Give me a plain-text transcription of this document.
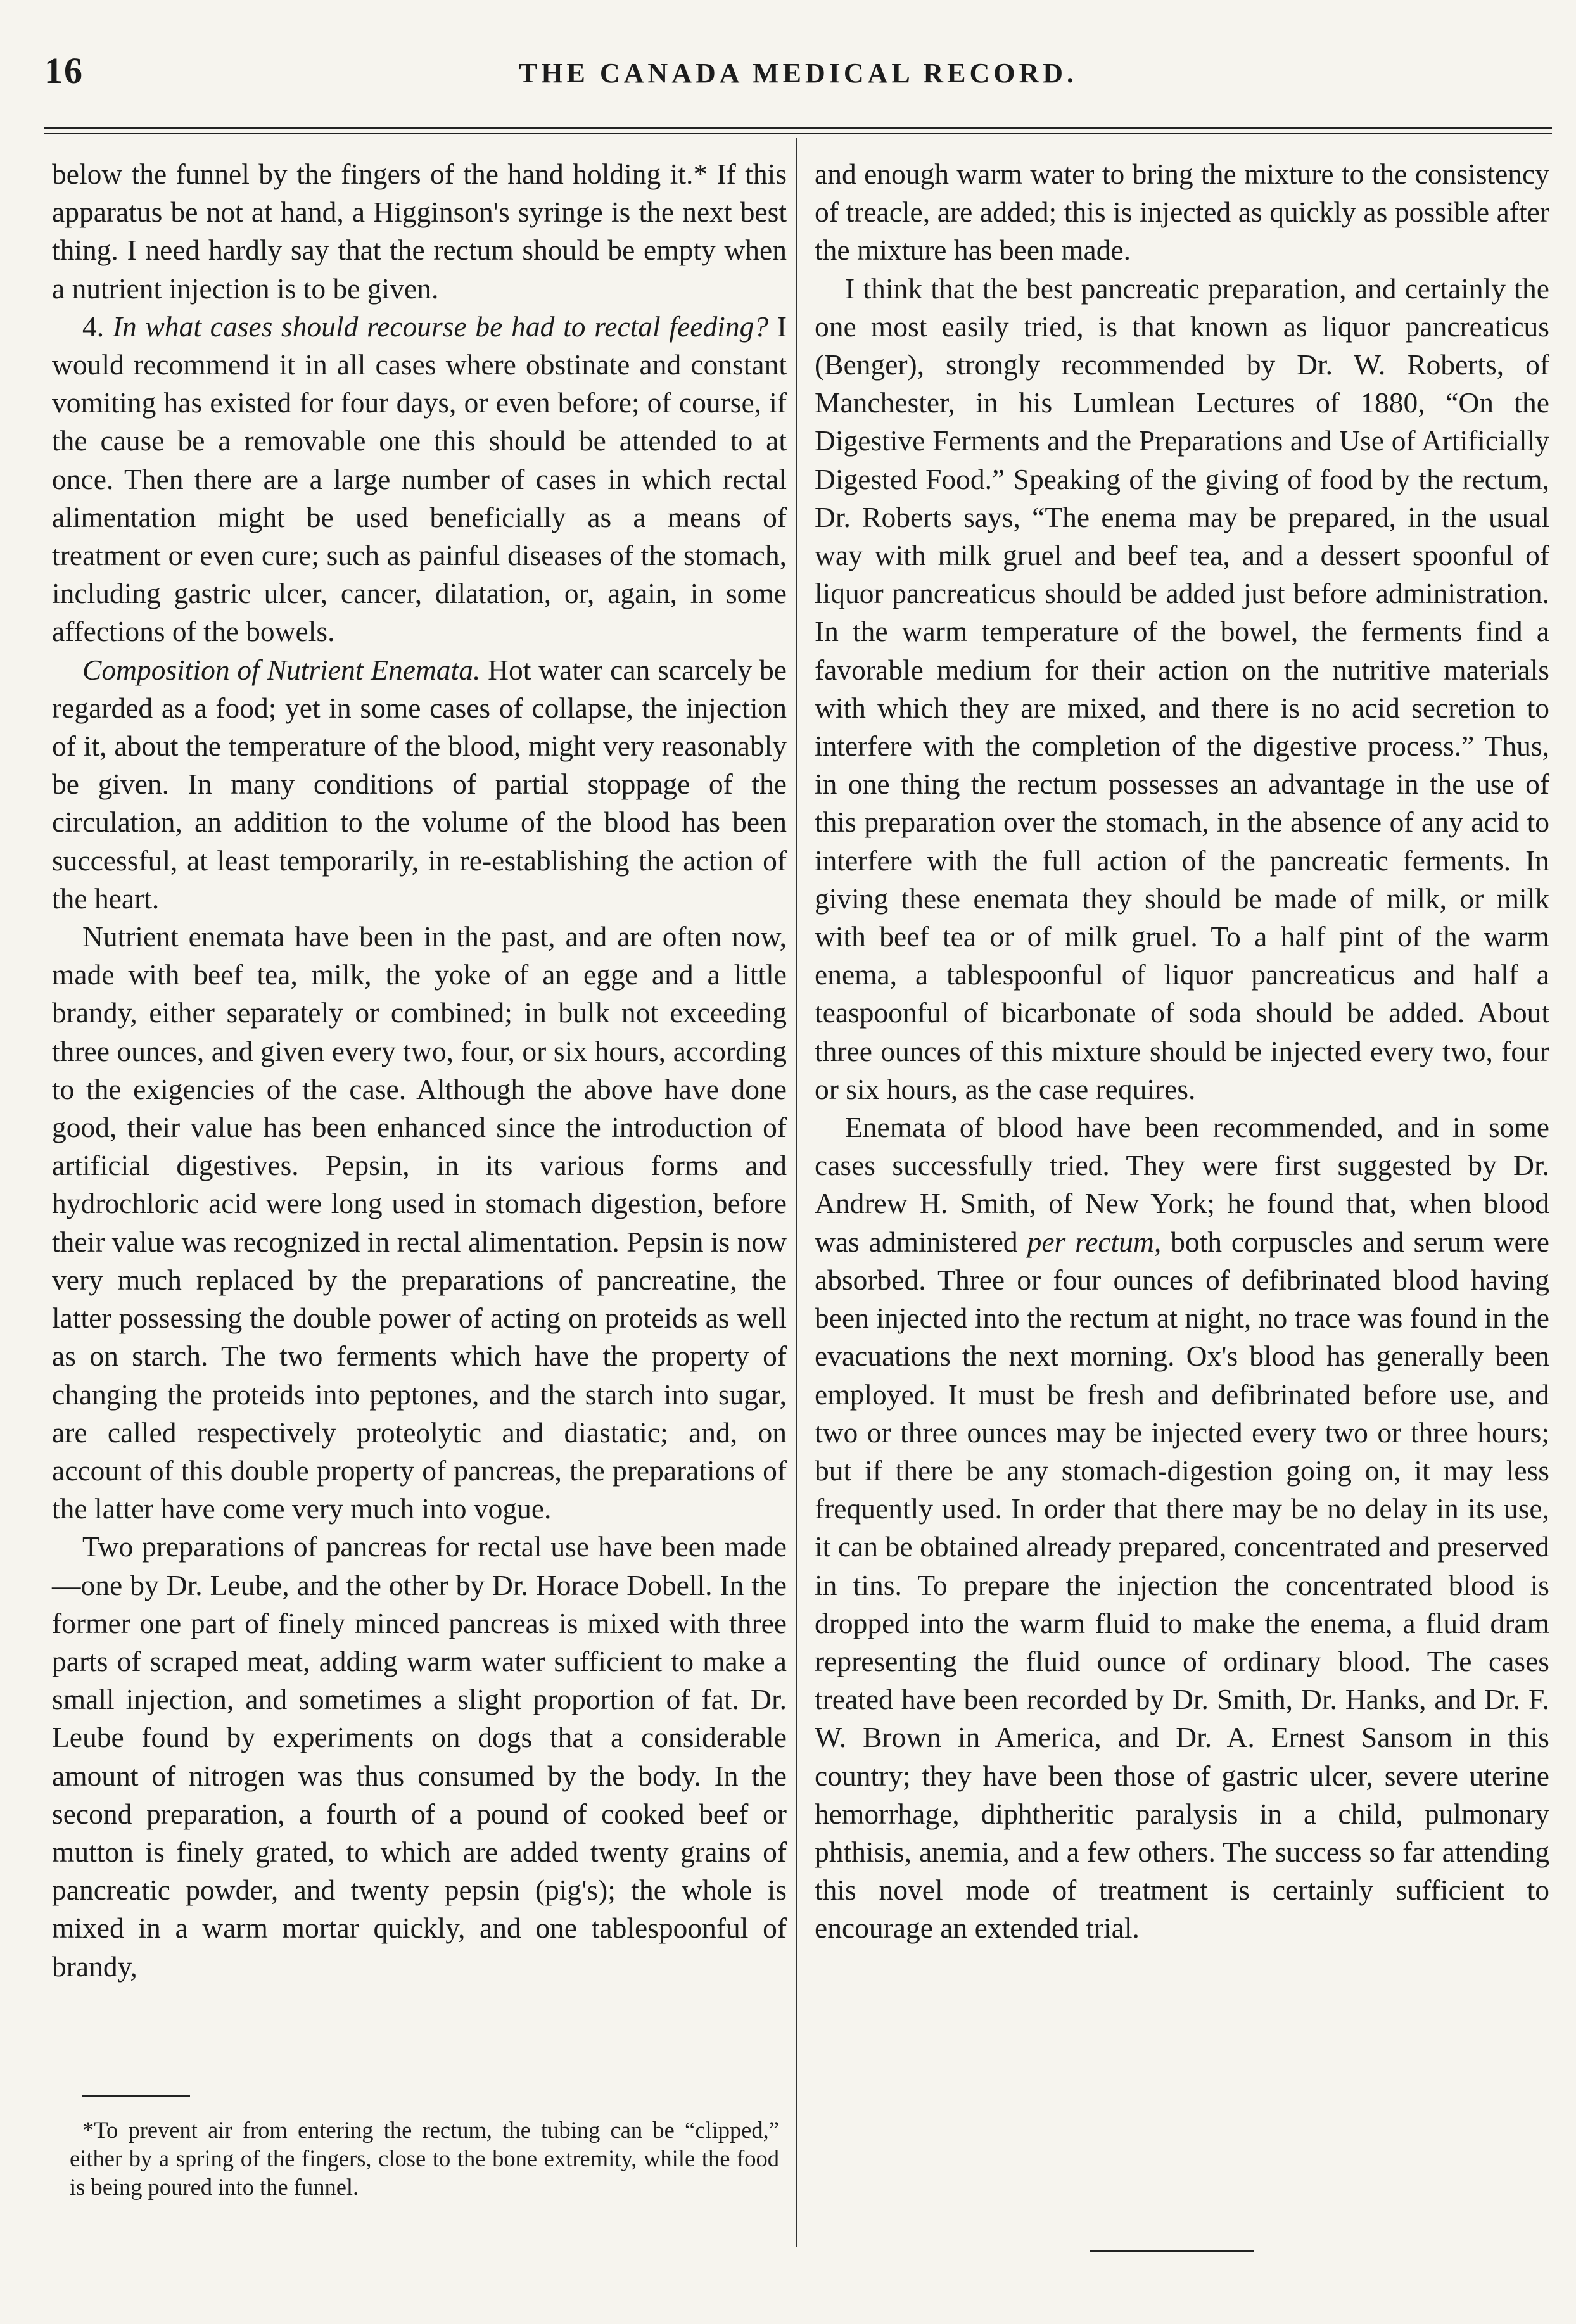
16	THE CANADA MEDICAL RECORD.

below the funnel by the fingers of the hand holding it.* If this apparatus be not at hand, a Higginson's syringe is the next best thing. I need hardly say that the rectum should be empty when a nutrient injection is to be given.

4. In what cases should recourse be had to rectal feeding? I would recommend it in all cases where obstinate and constant vomiting has existed for four days, or even before; of course, if the cause be a removable one this should be attended to at once. Then there are a large number of cases in which rectal alimentation might be used beneficially as a means of treatment or even cure; such as painful diseases of the stomach, including gastric ulcer, cancer, dilatation, or, again, in some affections of the bowels.

Composition of Nutrient Enemata. Hot water can scarcely be regarded as a food; yet in some cases of collapse, the injection of it, about the temperature of the blood, might very reasonably be given. In many conditions of partial stoppage of the circulation, an addition to the volume of the blood has been successful, at least temporarily, in re-establishing the action of the heart.

Nutrient enemata have been in the past, and are often now, made with beef tea, milk, the yoke of an egge and a little brandy, either separately or combined; in bulk not exceeding three ounces, and given every two, four, or six hours, according to the exigencies of the case. Although the above have done good, their value has been enhanced since the introduction of artificial digestives. Pepsin, in its various forms and hydrochloric acid were long used in stomach digestion, before their value was recognized in rectal alimentation. Pepsin is now very much replaced by the preparations of pancreatine, the latter possessing the double power of acting on proteids as well as on starch. The two ferments which have the property of changing the proteids into peptones, and the starch into sugar, are called respectively proteolytic and diastatic; and, on account of this double property of pancreas, the preparations of the latter have come very much into vogue.

Two preparations of pancreas for rectal use have been made—one by Dr. Leube, and the other by Dr. Horace Dobell. In the former one part of finely minced pancreas is mixed with three parts of scraped meat, adding warm water sufficient to make a small injection, and sometimes a slight proportion of fat. Dr. Leube found by experiments on dogs that a considerable amount of nitrogen was thus consumed by the body. In the second preparation, a fourth of a pound of cooked beef or mutton is finely grated, to which are added twenty grains of pancreatic powder, and twenty pepsin (pig's); the whole is mixed in a warm mortar quickly, and one tablespoonful of brandy,

*To prevent air from entering the rectum, the tubing can be “clipped,” either by a spring of the fingers, close to the bone extremity, while the food is being poured into the funnel.

and enough warm water to bring the mixture to the consistency of treacle, are added; this is injected as quickly as possible after the mixture has been made.

I think that the best pancreatic preparation, and certainly the one most easily tried, is that known as liquor pancreaticus (Benger), strongly recommended by Dr. W. Roberts, of Manchester, in his Lumlean Lectures of 1880, “On the Digestive Ferments and the Preparations and Use of Artificially Digested Food.” Speaking of the giving of food by the rectum, Dr. Roberts says, “The enema may be prepared, in the usual way with milk gruel and beef tea, and a dessert spoonful of liquor pancreaticus should be added just before administration. In the warm temperature of the bowel, the ferments find a favorable medium for their action on the nutritive materials with which they are mixed, and there is no acid secretion to interfere with the completion of the digestive process.” Thus, in one thing the rectum possesses an advantage in the use of this preparation over the stomach, in the absence of any acid to interfere with the full action of the pancreatic ferments. In giving these enemata they should be made of milk, or milk with beef tea or of milk gruel. To a half pint of the warm enema, a tablespoonful of liquor pancreaticus and half a teaspoonful of bicarbonate of soda should be added. About three ounces of this mixture should be injected every two, four or six hours, as the case requires.

Enemata of blood have been recommended, and in some cases successfully tried. They were first suggested by Dr. Andrew H. Smith, of New York; he found that, when blood was administered per rectum, both corpuscles and serum were absorbed. Three or four ounces of defibrinated blood having been injected into the rectum at night, no trace was found in the evacuations the next morning. Ox's blood has generally been employed. It must be fresh and defibrinated before use, and two or three ounces may be injected every two or three hours; but if there be any stomach-digestion going on, it may less frequently used. In order that there may be no delay in its use, it can be obtained already prepared, concentrated and preserved in tins. To prepare the injection the concentrated blood is dropped into the warm fluid to make the enema, a fluid dram representing the fluid ounce of ordinary blood. The cases treated have been recorded by Dr. Smith, Dr. Hanks, and Dr. F. W. Brown in America, and Dr. A. Ernest Sansom in this country; they have been those of gastric ulcer, severe uterine hemorrhage, diphtheritic paralysis in a child, pulmonary phthisis, anemia, and a few others. The success so far attending this novel mode of treatment is certainly sufficient to encourage an extended trial.
